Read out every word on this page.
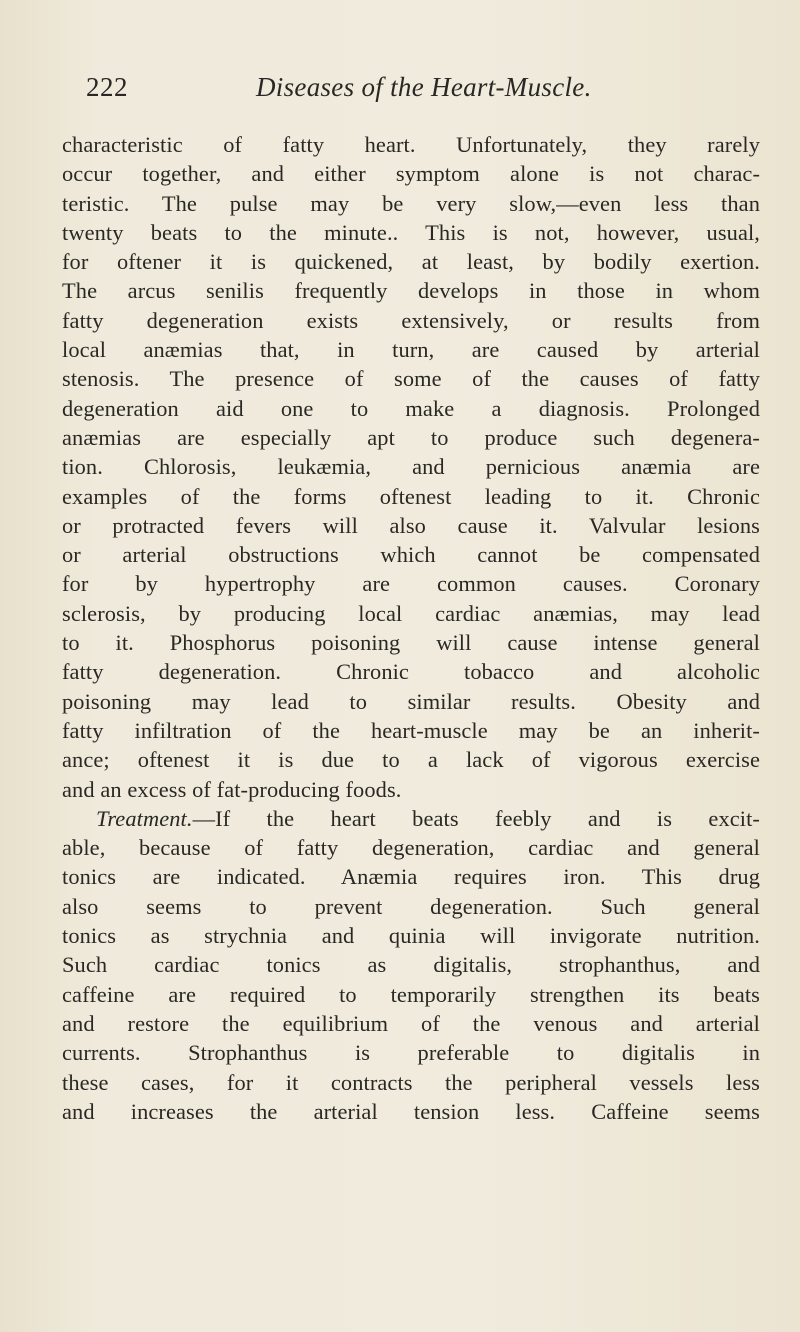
222	Diseases of the Heart-Muscle.
characteristic of fatty heart. Unfortunately, they rarely
occur together, and either symptom alone is not charac-
teristic. The pulse may be very slow,—even less than
twenty beats to the minute.. This is not, however, usual,
for oftener it is quickened, at least, by bodily exertion.
The arcus senilis frequently develops in those in whom
fatty degeneration exists extensively, or results from
local anæmias that, in turn, are caused by arterial
stenosis. The presence of some of the causes of fatty
degeneration aid one to make a diagnosis. Prolonged
anæmias are especially apt to produce such degenera-
tion. Chlorosis, leukæmia, and pernicious anæmia are
examples of the forms oftenest leading to it. Chronic
or protracted fevers will also cause it. Valvular lesions
or arterial obstructions which cannot be compensated
for by hypertrophy are common causes. Coronary
sclerosis, by producing local cardiac anæmias, may lead
to it. Phosphorus poisoning will cause intense general
fatty degeneration. Chronic tobacco and alcoholic
poisoning may lead to similar results. Obesity and
fatty infiltration of the heart-muscle may be an inherit-
ance; oftenest it is due to a lack of vigorous exercise
and an excess of fat-producing foods.
Treatment.—If the heart beats feebly and is excit-
able, because of fatty degeneration, cardiac and general
tonics are indicated. Anæmia requires iron. This drug
also seems to prevent degeneration. Such general
tonics as strychnia and quinia will invigorate nutrition.
Such cardiac tonics as digitalis, strophanthus, and
caffeine are required to temporarily strengthen its beats
and restore the equilibrium of the venous and arterial
currents. Strophanthus is preferable to digitalis in
these cases, for it contracts the peripheral vessels less
and increases the arterial tension less. Caffeine seems
